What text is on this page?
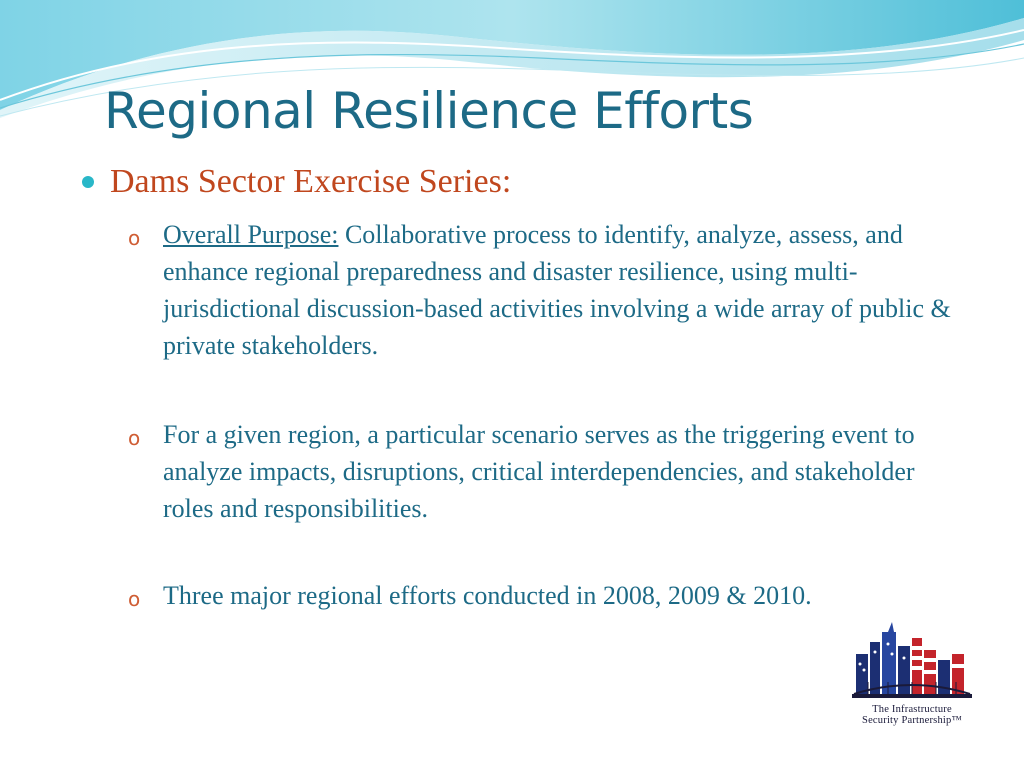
Regional Resilience Efforts
Dams Sector Exercise Series:
o Overall Purpose: Collaborative process to identify, analyze, assess, and enhance regional preparedness and disaster resilience, using multi-jurisdictional discussion-based activities involving a wide array of public & private stakeholders.
o For a given region, a particular scenario serves as the triggering event to analyze impacts, disruptions, critical interdependencies, and stakeholder roles and responsibilities.
o Three major regional efforts conducted in 2008, 2009 & 2010.
The Infrastructure
Security Partnership™
